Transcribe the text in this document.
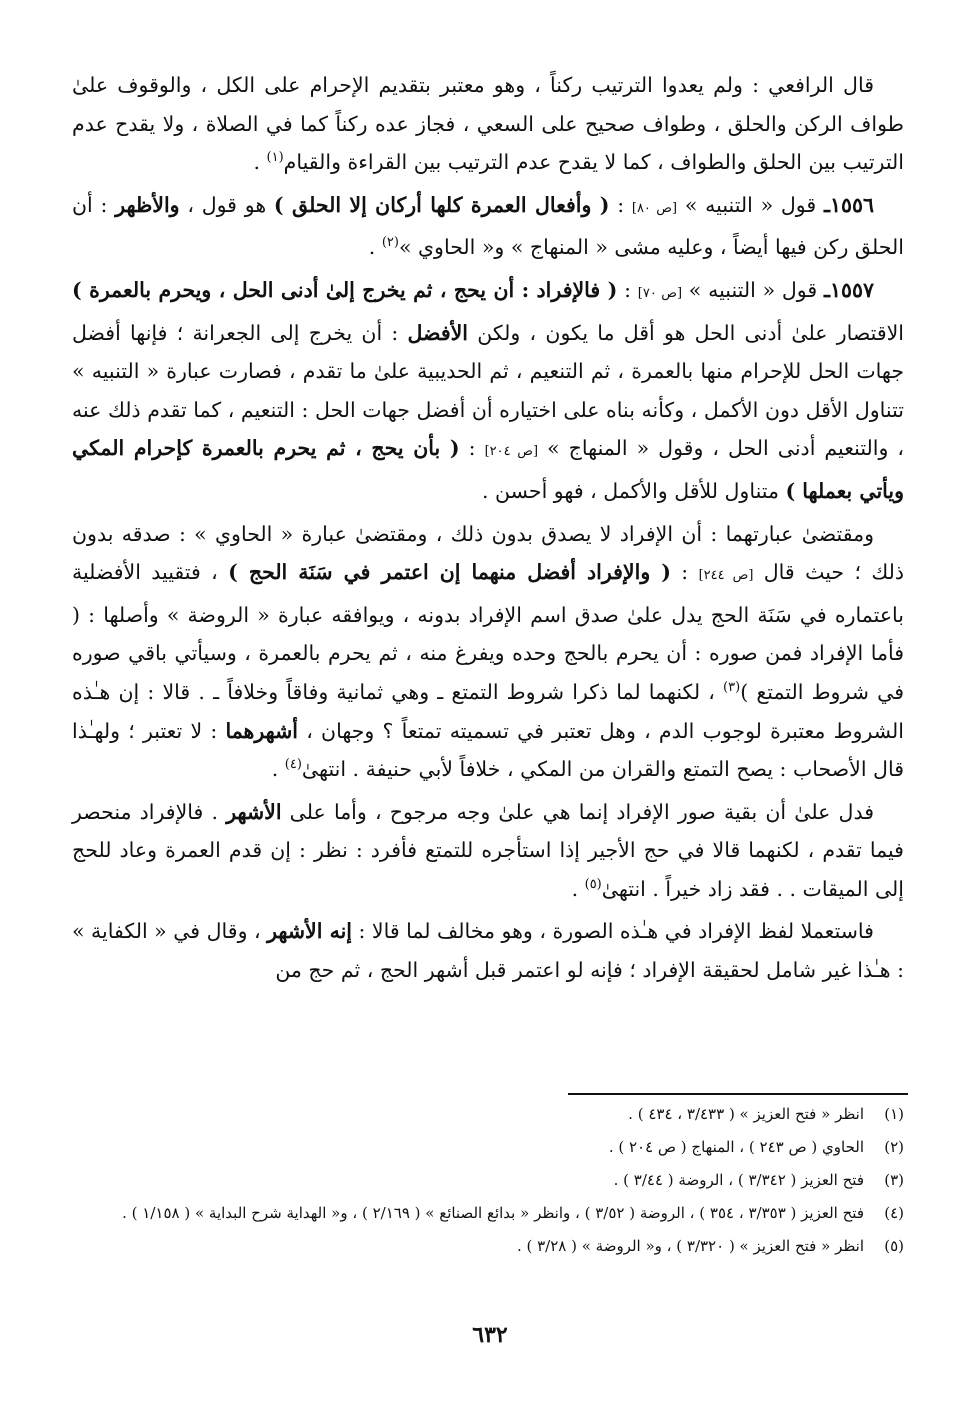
قال الرافعي : ولم يعدوا الترتيب ركناً ، وهو معتبر بتقديم الإحرام على الكل ، والوقوف علىٰ طواف الركن والحلق ، وطواف صحيح على السعي ، فجاز عده ركناً كما في الصلاة ، ولا يقدح عدم الترتيب بين الحلق والطواف ، كما لا يقدح عدم الترتيب بين القراءة والقيام$^{(١)}$ .

١٥٥٦ـ قول « التنبيه » [ص ٨٠] : ( وأفعال العمرة كلها أركان إلا الحلق ) هو قول ، والأظهر : أن الحلق ركن فيها أيضاً ، وعليه مشى « المنهاج » و« الحاوي »$^{(٢)}$ .

١٥٥٧ـ قول « التنبيه » [ص ٧٠] : ( فالإفراد : أن يحج ، ثم يخرج إلىٰ أدنى الحل ، ويحرم بالعمرة ) الاقتصار علىٰ أدنى الحل هو أقل ما يكون ، ولكن الأفضل : أن يخرج إلى الجعرانة ؛ فإنها أفضل جهات الحل للإحرام منها بالعمرة ، ثم التنعيم ، ثم الحديبية علىٰ ما تقدم ، فصارت عبارة « التنبيه » تتناول الأقل دون الأكمل ، وكأنه بناه على اختياره أن أفضل جهات الحل : التنعيم ، كما تقدم ذلك عنه ، والتنعيم أدنى الحل ، وقول « المنهاج » [ص ٢٠٤] : ( بأن يحج ، ثم يحرم بالعمرة كإحرام المكي ويأتي بعملها ) متناول للأقل والأكمل ، فهو أحسن .

ومقتضىٰ عبارتهما : أن الإفراد لا يصدق بدون ذلك ، ومقتضىٰ عبارة « الحاوي » : صدقه بدون ذلك ؛ حيث قال [ص ٢٤٤] : ( والإفراد أفضل منهما إن اعتمر في سَنَة الحج ) ، فتقييد الأفضلية باعتماره في سَنَة الحج يدل علىٰ صدق اسم الإفراد بدونه ، ويوافقه عبارة « الروضة » وأصلها : ( فأما الإفراد فمن صوره : أن يحرم بالحج وحده ويفرغ منه ، ثم يحرم بالعمرة ، وسيأتي باقي صوره في شروط التمتع )$^{(٣)}$ ، لكنهما لما ذكرا شروط التمتع ـ وهي ثمانية وفاقاً وخلافاً ـ . قالا : إن هـٰذه الشروط معتبرة لوجوب الدم ، وهل تعتبر في تسميته تمتعاً ؟ وجهان ، أشهرهما : لا تعتبر ؛ ولهـٰذا قال الأصحاب : يصح التمتع والقران من المكي ، خلافاً لأبي حنيفة . انتهىٰ$^{(٤)}$ .

فدل علىٰ أن بقية صور الإفراد إنما هي علىٰ وجه مرجوح ، وأما على الأشهر . فالإفراد منحصر فيما تقدم ، لكنهما قالا في حج الأجير إذا استأجره للتمتع فأفرد : نظر : إن قدم العمرة وعاد للحج إلى الميقات . . فقد زاد خيراً . انتهىٰ$^{(٥)}$ .

فاستعملا لفظ الإفراد في هـٰذه الصورة ، وهو مخالف لما قالا : إنه الأشهر ، وقال في « الكفاية » : هـٰذا غير شامل لحقيقة الإفراد ؛ فإنه لو اعتمر قبل أشهر الحج ، ثم حج من

(١)
انظر « فتح العزيز » ( ٣/٤٣٣ ، ٤٣٤ ) .
(٢)
الحاوي ( ص ٢٤٣ ) ، المنهاج ( ص ٢٠٤ ) .
(٣)
فتح العزيز ( ٣/٣٤٢ ) ، الروضة ( ٣/٤٤ ) .
(٤)
فتح العزيز ( ٣/٣٥٣ ، ٣٥٤ ) ، الروضة ( ٣/٥٢ ) ، وانظر « بدائع الصنائع » ( ٢/١٦٩ ) ، و« الهداية شرح البداية » ( ١/١٥٨ ) .
(٥)
انظر « فتح العزيز » ( ٣/٣٢٠ ) ، و« الروضة » ( ٣/٢٨ ) .
٦٣٢
